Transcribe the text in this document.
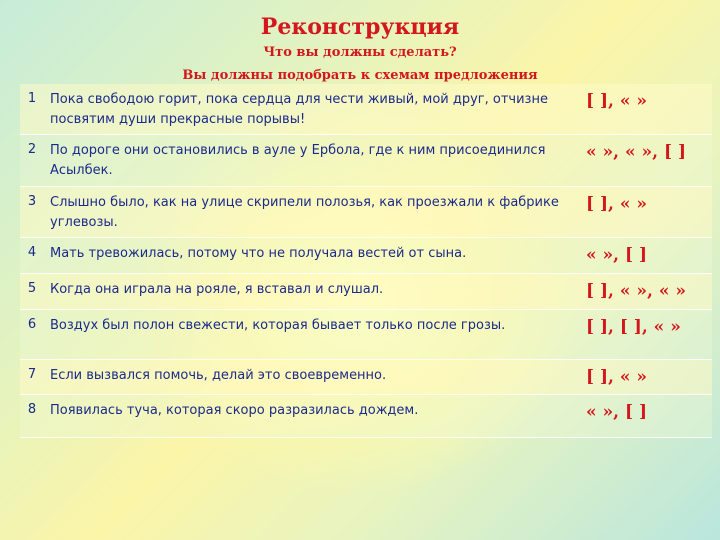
Реконструкция
Что вы должны сделать?
Вы должны подобрать к схемам предложения
1	Пока свободою горит, пока сердца для чести живый, мой друг, отчизне посвятим души прекрасные порывы!	[ ], « »
2	По дороге они остановились в ауле у Ербола, где к ним присоединился Асылбек.	« », « », [ ]
3	Слышно было, как на улице скрипели полозья, как проезжали к фабрике углевозы.	[ ], « »
4	Мать тревожилась, потому что не получала вестей от сына.	« », [ ]
5	Когда она играла на рояле, я вставал и слушал.	[ ], « », « »
6	Воздух был полон свежести, которая бывает только после грозы.	[ ], [ ], « »
7	Если вызвался помочь, делай это своевременно.	[ ], « »
8	Появилась туча, которая скоро разразилась дождем.	« », [ ]
